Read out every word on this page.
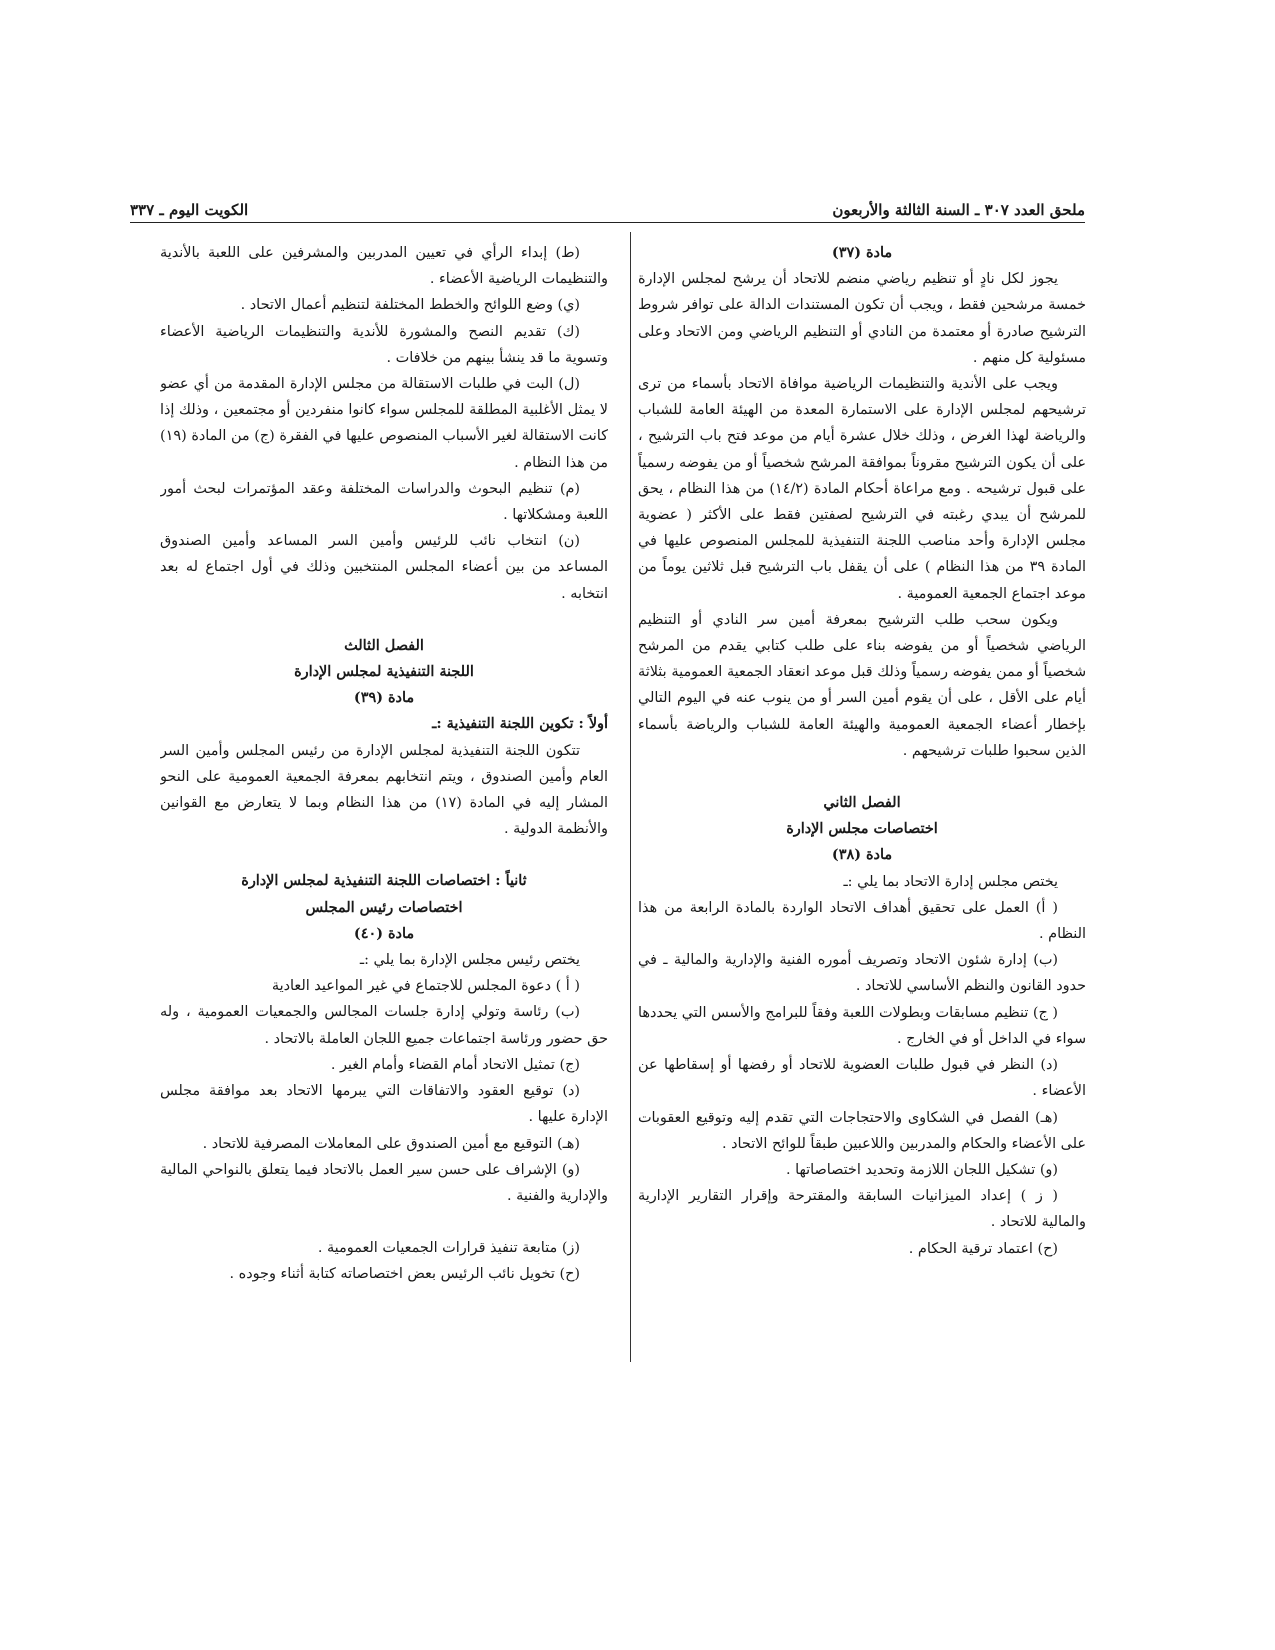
الكويت اليوم ـ ٣٣٧	ملحق العدد ٣٠٧ ـ السنة الثالثة والأربعون

مادة (٣٧)

يجوز لكل نادٍ أو تنظيم رياضي منضم للاتحاد أن يرشح لمجلس الإدارة خمسة مرشحين فقط ، ويجب أن تكون المستندات الدالة على توافر شروط الترشيح صادرة أو معتمدة من النادي أو التنظيم الرياضي ومن الاتحاد وعلى مسئولية كل منهم .

ويجب على الأندية والتنظيمات الرياضية موافاة الاتحاد بأسماء من ترى ترشيحهم لمجلس الإدارة على الاستمارة المعدة من الهيئة العامة للشباب والرياضة لهذا الغرض ، وذلك خلال عشرة أيام من موعد فتح باب الترشيح ، على أن يكون الترشيح مقروناً بموافقة المرشح شخصياً أو من يفوضه رسمياً على قبول ترشيحه . ومع مراعاة أحكام المادة (١٤/٢) من هذا النظام ، يحق للمرشح أن يبدي رغبته في الترشيح لصفتين فقط على الأكثر ( عضوية مجلس الإدارة وأحد مناصب اللجنة التنفيذية للمجلس المنصوص عليها في المادة ٣٩ من هذا النظام ) على أن يقفل باب الترشيح قبل ثلاثين يوماً من موعد اجتماع الجمعية العمومية .

ويكون سحب طلب الترشيح بمعرفة أمين سر النادي أو التنظيم الرياضي شخصياً أو من يفوضه بناء على طلب كتابي يقدم من المرشح شخصياً أو ممن يفوضه رسمياً وذلك قبل موعد انعقاد الجمعية العمومية بثلاثة أيام على الأقل ، على أن يقوم أمين السر أو من ينوب عنه في اليوم التالي بإخطار أعضاء الجمعية العمومية والهيئة العامة للشباب والرياضة بأسماء الذين سحبوا طلبات ترشيحهم .

الفصل الثاني

اختصاصات مجلس الإدارة

مادة (٣٨)

يختص مجلس إدارة الاتحاد بما يلي :ـ

( أ) العمل على تحقيق أهداف الاتحاد الواردة بالمادة الرابعة من هذا النظام .

(ب) إدارة شئون الاتحاد وتصريف أموره الفنية والإدارية والمالية ـ في حدود القانون والنظم الأساسي للاتحاد .

( ج) تنظيم مسابقات وبطولات اللعبة وفقاً للبرامج والأسس التي يحددها سواء في الداخل أو في الخارج .

(د) النظر في قبول طلبات العضوية للاتحاد أو رفضها أو إسقاطها عن الأعضاء .

(هـ) الفصل في الشكاوى والاحتجاجات التي تقدم إليه وتوقيع العقوبات على الأعضاء والحكام والمدربين واللاعبين طبقاً للوائح الاتحاد .

(و) تشكيل اللجان اللازمة وتحديد اختصاصاتها .

( ز ) إعداد الميزانيات السابقة والمقترحة وإقرار التقارير الإدارية والمالية للاتحاد .

(ح) اعتماد ترقية الحكام .

(ط) إبداء الرأي في تعيين المدربين والمشرفين على اللعبة بالأندية والتنظيمات الرياضية الأعضاء .

(ي) وضع اللوائح والخطط المختلفة لتنظيم أعمال الاتحاد .

(ك) تقديم النصح والمشورة للأندية والتنظيمات الرياضية الأعضاء وتسوية ما قد ينشأ بينهم من خلافات .

(ل) البت في طلبات الاستقالة من مجلس الإدارة المقدمة من أي عضو لا يمثل الأغلبية المطلقة للمجلس سواء كانوا منفردين أو مجتمعين ، وذلك إذا كانت الاستقالة لغير الأسباب المنصوص عليها في الفقرة (ج) من المادة (١٩) من هذا النظام .

(م) تنظيم البحوث والدراسات المختلفة وعقد المؤتمرات لبحث أمور اللعبة ومشكلاتها .

(ن) انتخاب نائب للرئيس وأمين السر المساعد وأمين الصندوق المساعد من بين أعضاء المجلس المنتخبين وذلك في أول اجتماع له بعد انتخابه .

الفصل الثالث

اللجنة التنفيذية لمجلس الإدارة

مادة (٣٩)

أولاً : تكوين اللجنة التنفيذية :ـ

تتكون اللجنة التنفيذية لمجلس الإدارة من رئيس المجلس وأمين السر العام وأمين الصندوق ، ويتم انتخابهم بمعرفة الجمعية العمومية على النحو المشار إليه في المادة (١٧) من هذا النظام وبما لا يتعارض مع القوانين والأنظمة الدولية .

ثانياً : اختصاصات اللجنة التنفيذية لمجلس الإدارة

اختصاصات رئيس المجلس

مادة (٤٠)

يختص رئيس مجلس الإدارة بما يلي :ـ

( أ ) دعوة المجلس للاجتماع في غير المواعيد العادية

(ب) رئاسة وتولي إدارة جلسات المجالس والجمعيات العمومية ، وله حق حضور ورئاسة اجتماعات جميع اللجان العاملة بالاتحاد .

(ج) تمثيل الاتحاد أمام القضاء وأمام الغير .

(د) توقيع العقود والاتفاقات التي يبرمها الاتحاد بعد موافقة مجلس الإدارة عليها .

(هـ) التوقيع مع أمين الصندوق على المعاملات المصرفية للاتحاد .

(و) الإشراف على حسن سير العمل بالاتحاد فيما يتعلق بالنواحي المالية والإدارية والفنية .

(ز) متابعة تنفيذ قرارات الجمعيات العمومية .

(ح) تخويل نائب الرئيس بعض اختصاصاته كتابة أثناء وجوده .
